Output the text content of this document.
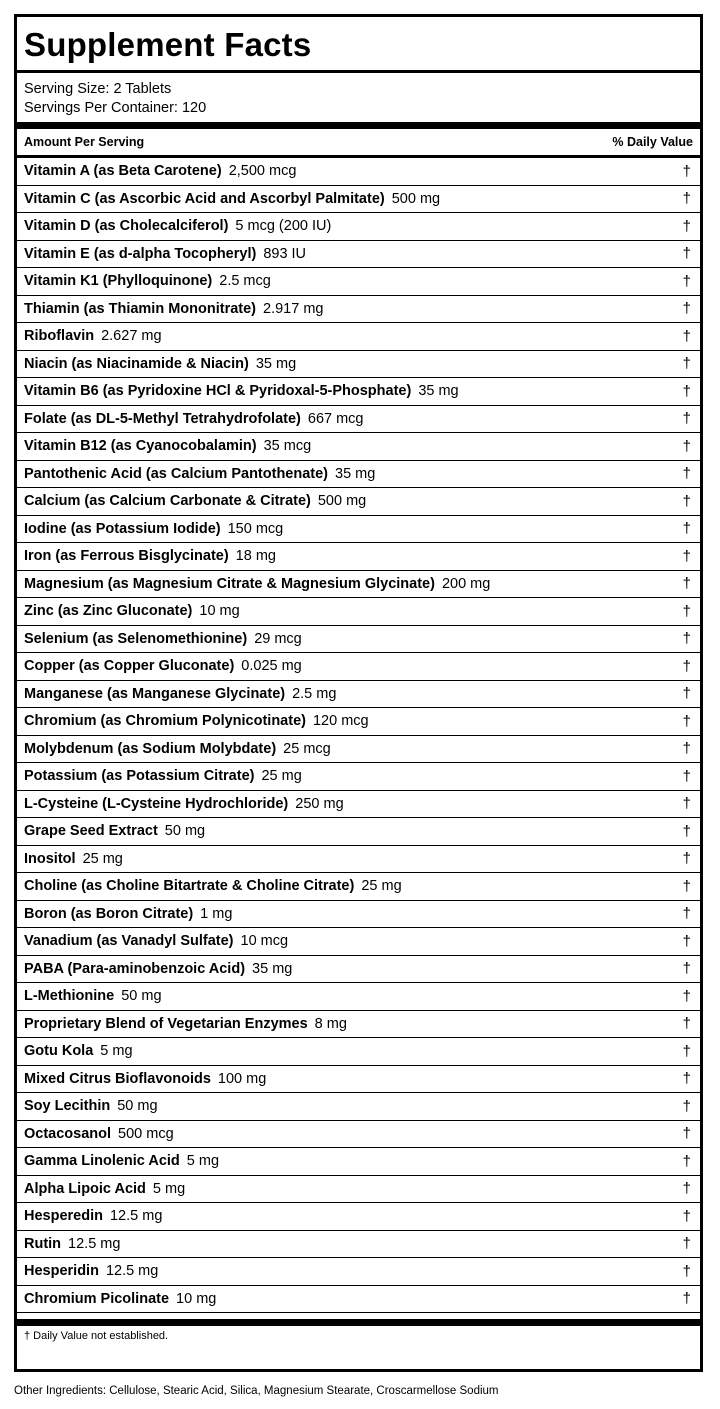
Supplement Facts
Serving Size: 2 Tablets
Servings Per Container: 120
Amount Per Serving	% Daily Value
Vitamin A (as Beta Carotene) 2,500 mcg	†
Vitamin C (as Ascorbic Acid and Ascorbyl Palmitate) 500 mg	†
Vitamin D (as Cholecalciferol) 5 mcg (200 IU)	†
Vitamin E (as d-alpha Tocopheryl) 893 IU	†
Vitamin K1 (Phylloquinone) 2.5 mcg	†
Thiamin (as Thiamin Mononitrate) 2.917 mg	†
Riboflavin 2.627 mg	†
Niacin (as Niacinamide & Niacin) 35 mg	†
Vitamin B6 (as Pyridoxine HCl & Pyridoxal-5-Phosphate) 35 mg	†
Folate (as DL-5-Methyl Tetrahydrofolate) 667 mcg	†
Vitamin B12 (as Cyanocobalamin) 35 mcg	†
Pantothenic Acid (as Calcium Pantothenate) 35 mg	†
Calcium (as Calcium Carbonate & Citrate) 500 mg	†
Iodine (as Potassium Iodide) 150 mcg	†
Iron (as Ferrous Bisglycinate) 18 mg	†
Magnesium (as Magnesium Citrate & Magnesium Glycinate) 200 mg	†
Zinc (as Zinc Gluconate) 10 mg	†
Selenium (as Selenomethionine) 29 mcg	†
Copper (as Copper Gluconate) 0.025 mg	†
Manganese (as Manganese Glycinate) 2.5 mg	†
Chromium (as Chromium Polynicotinate) 120 mcg	†
Molybdenum (as Sodium Molybdate) 25 mcg	†
Potassium (as Potassium Citrate) 25 mg	†
L-Cysteine (L-Cysteine Hydrochloride) 250 mg	†
Grape Seed Extract 50 mg	†
Inositol 25 mg	†
Choline (as Choline Bitartrate & Choline Citrate) 25 mg	†
Boron (as Boron Citrate) 1 mg	†
Vanadium (as Vanadyl Sulfate) 10 mcg	†
PABA (Para-aminobenzoic Acid) 35 mg	†
L-Methionine 50 mg	†
Proprietary Blend of Vegetarian Enzymes 8 mg	†
Gotu Kola 5 mg	†
Mixed Citrus Bioflavonoids 100 mg	†
Soy Lecithin 50 mg	†
Octacosanol 500 mcg	†
Gamma Linolenic Acid 5 mg	†
Alpha Lipoic Acid 5 mg	†
Hesperedin 12.5 mg	†
Rutin 12.5 mg	†
Hesperidin 12.5 mg	†
Chromium Picolinate 10 mg	†
† Daily Value not established.
Other Ingredients: Cellulose, Stearic Acid, Silica, Magnesium Stearate, Croscarmellose Sodium
